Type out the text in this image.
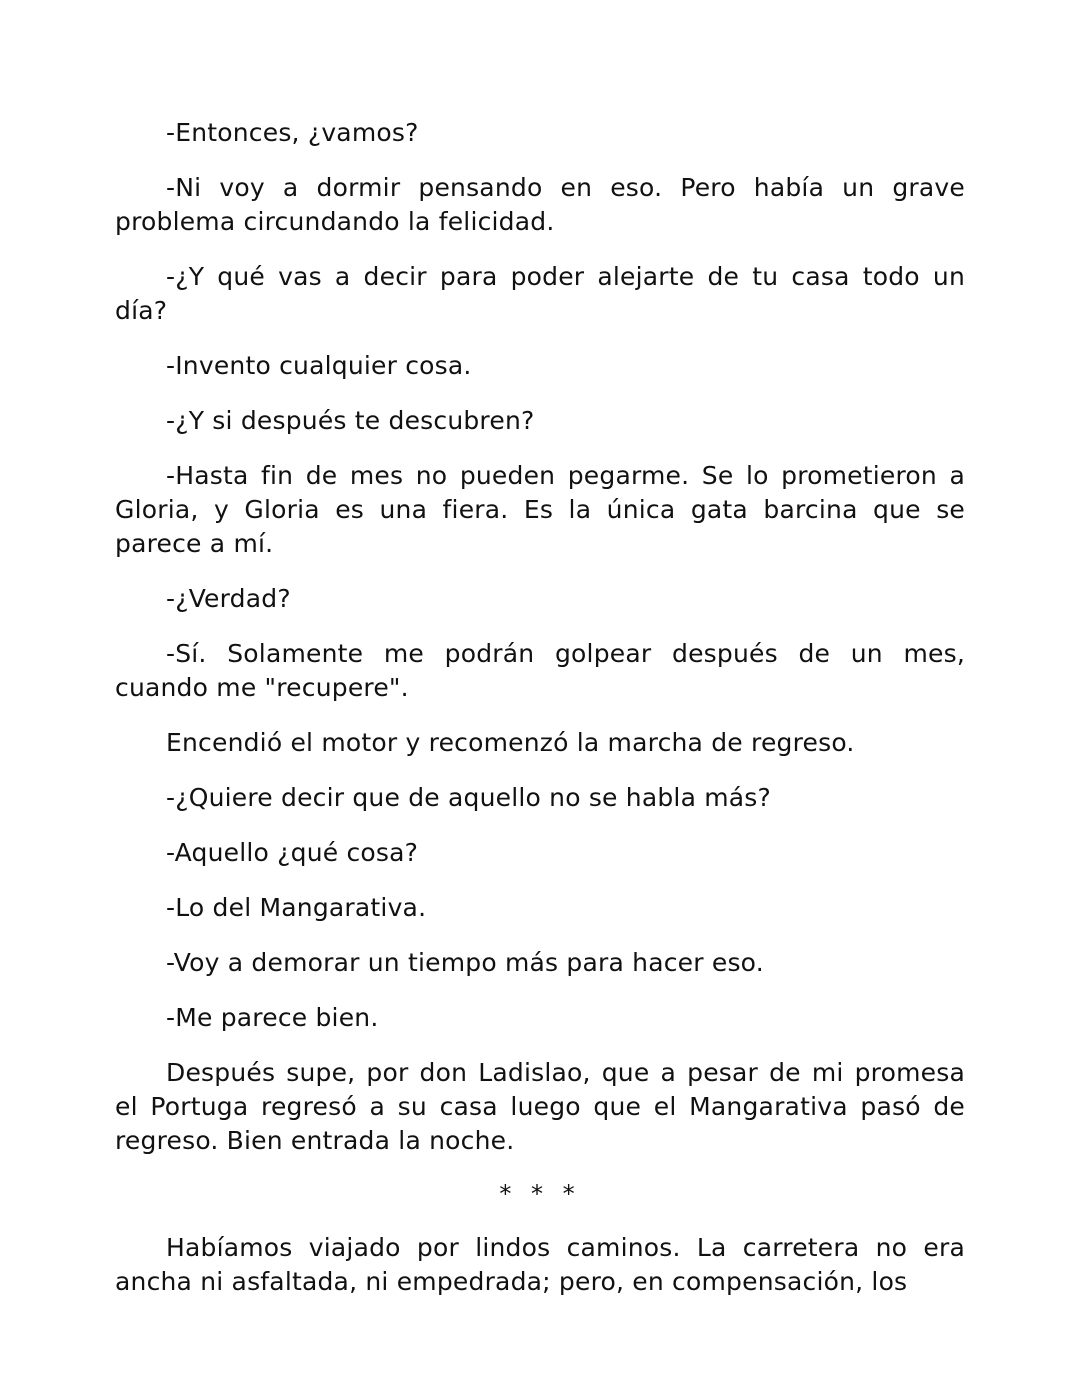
-Entonces, ¿vamos?

-Ni voy a dormir pensando en eso. Pero había un grave problema circundando la felicidad.

-¿Y qué vas a decir para poder alejarte de tu casa todo un día?

-Invento cualquier cosa.

-¿Y si después te descubren?

-Hasta fin de mes no pueden pegarme. Se lo prometieron a Gloria, y Gloria es una fiera. Es la única gata barcina que se parece a mí.

-¿Verdad?

-Sí. Solamente me podrán golpear después de un mes, cuando me "recupere".

Encendió el motor y recomenzó la marcha de regreso.

-¿Quiere decir que de aquello no se habla más?

-Aquello ¿qué cosa?

-Lo del Mangarativa.

-Voy a demorar un tiempo más para hacer eso.

-Me parece bien.

Después supe, por don Ladislao, que a pesar de mi promesa el Portuga regresó a su casa luego que el Mangarativa pasó de regreso. Bien entrada la noche.

* * *

Habíamos viajado por lindos caminos. La carretera no era ancha ni asfaltada, ni empedrada; pero, en compensación, los
